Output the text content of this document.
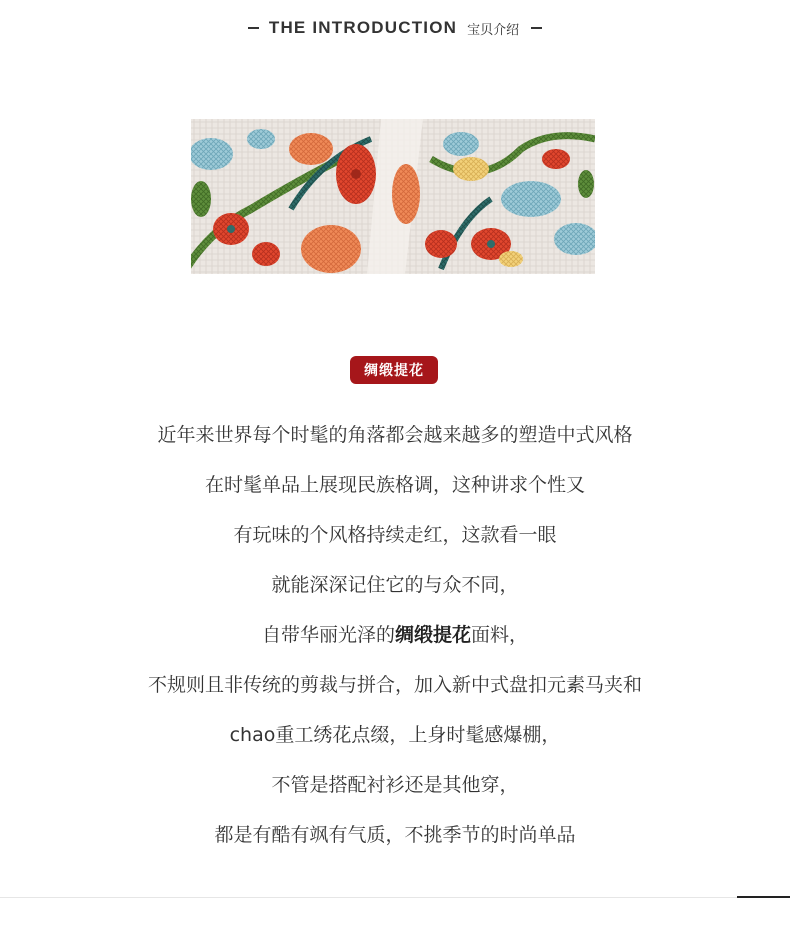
THE INTRODUCTION 宝贝介绍
绸缎提花
近年来世界每个时髦的角落都会越来越多的塑造中式风格
在时髦单品上展现民族格调，这种讲求个性又
有玩味的个风格持续走红，这款看一眼
就能深深记住它的与众不同，
自带华丽光泽的绸缎提花面料，
不规则且非传统的剪裁与拼合，加入新中式盘扣元素马夹和
chao重工绣花点缀，上身时髦感爆棚，
不管是搭配衬衫还是其他穿，
都是有酷有飒有气质，不挑季节的时尚单品
